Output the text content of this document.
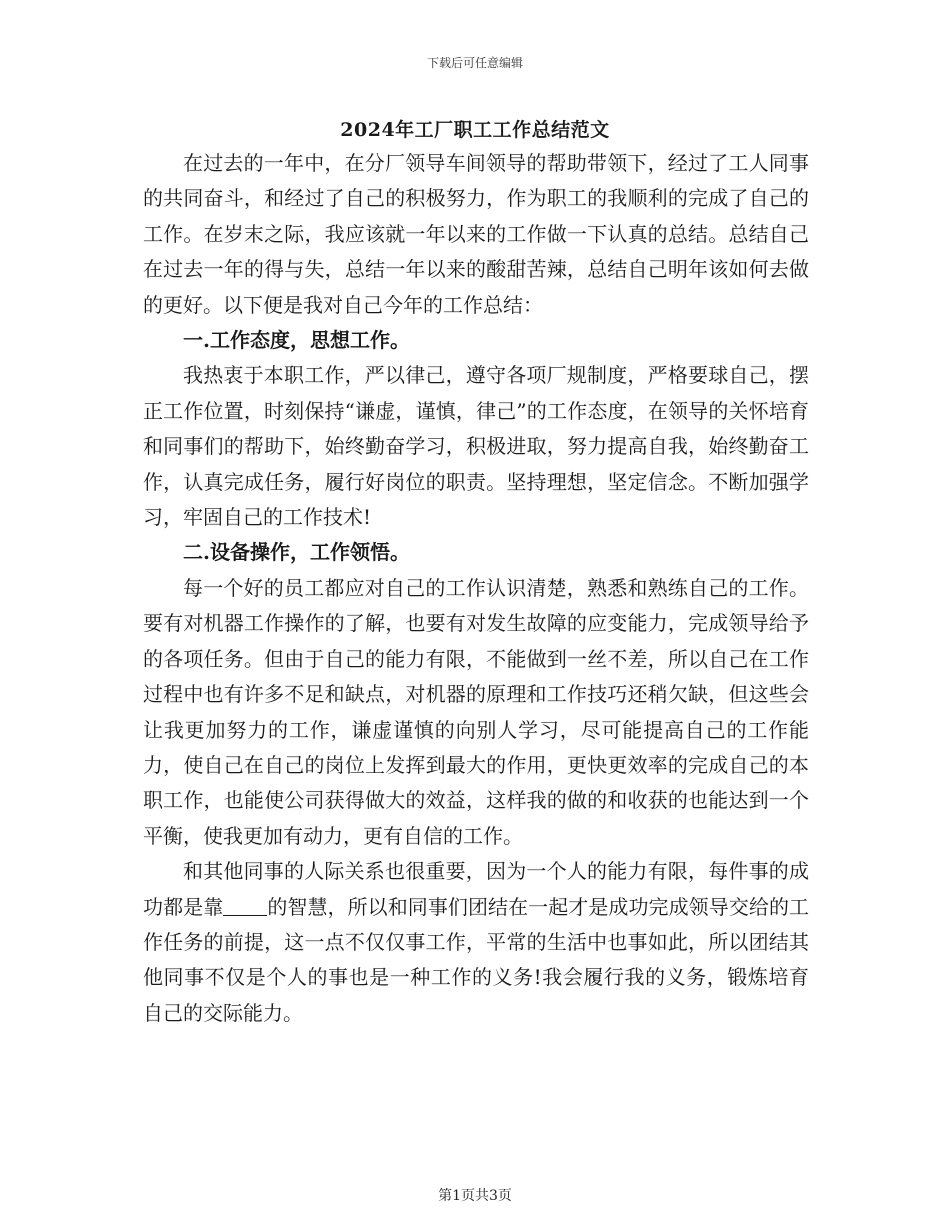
下载后可任意编辑
2024年工厂职工工作总结范文

在过去的一年中，在分厂领导车间领导的帮助带领下，经过了工人同事的共同奋斗，和经过了自己的积极努力，作为职工的我顺利的完成了自己的工作。在岁末之际，我应该就一年以来的工作做一下认真的总结。总结自己在过去一年的得与失，总结一年以来的酸甜苦辣，总结自己明年该如何去做的更好。以下便是我对自己今年的工作总结：

一.工作态度，思想工作。

我热衷于本职工作，严以律己，遵守各项厂规制度，严格要球自己，摆正工作位置，时刻保持“谦虚，谨慎，律己”的工作态度，在领导的关怀培育和同事们的帮助下，始终勤奋学习，积极进取，努力提高自我，始终勤奋工作，认真完成任务，履行好岗位的职责。坚持理想，坚定信念。不断加强学习，牢固自己的工作技术!

二.设备操作，工作领悟。

每一个好的员工都应对自己的工作认识清楚，熟悉和熟练自己的工作。要有对机器工作操作的了解，也要有对发生故障的应变能力，完成领导给予的各项任务。但由于自己的能力有限，不能做到一丝不差，所以自己在工作过程中也有许多不足和缺点，对机器的原理和工作技巧还稍欠缺，但这些会让我更加努力的工作，谦虚谨慎的向别人学习，尽可能提高自己的工作能力，使自己在自己的岗位上发挥到最大的作用，更快更效率的完成自己的本职工作，也能使公司获得做大的效益，这样我的做的和收获的也能达到一个平衡，使我更加有动力，更有自信的工作。

和其他同事的人际关系也很重要，因为一个人的能力有限，每件事的成功都是靠 的智慧，所以和同事们团结在一起才是成功完成领导交给的工作任务的前提，这一点不仅仅事工作，平常的生活中也事如此，所以团结其他同事不仅是个人的事也是一种工作的义务!我会履行我的义务，锻炼培育自己的交际能力。

第1页共3页
